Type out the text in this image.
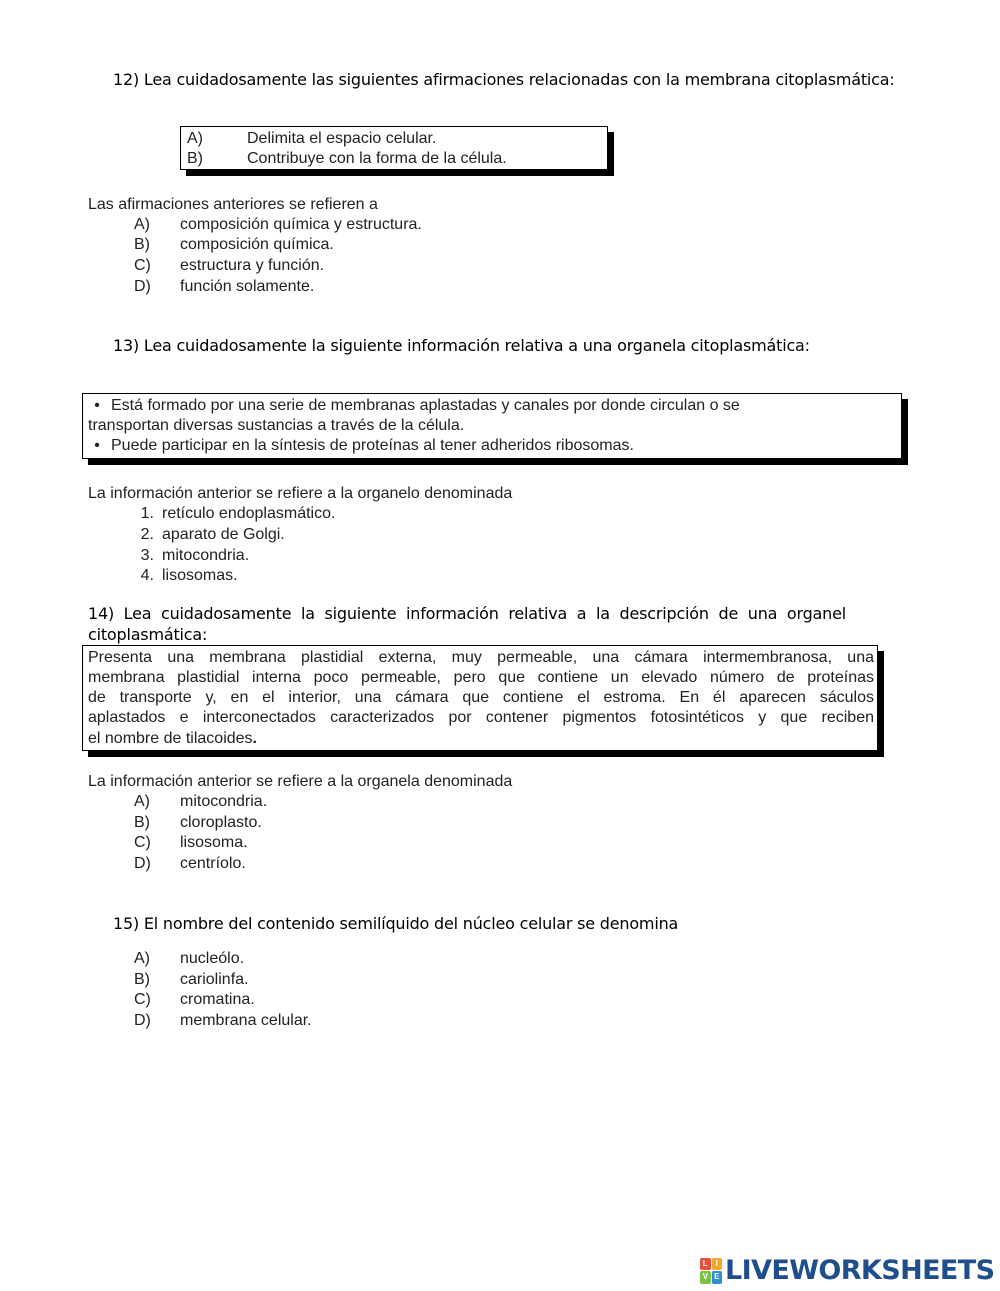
12) Lea cuidadosamente las siguientes afirmaciones relacionadas con la membrana citoplasmática:
A)	Delimita el espacio celular.
B)	Contribuye con la forma de la célula.
Las afirmaciones anteriores se refieren a
A) composición química y estructura.
B) composición química.
C) estructura y función.
D) función solamente.
13) Lea cuidadosamente la siguiente información relativa a una organela citoplasmática:
• Está formado por una serie de membranas aplastadas y canales por donde circulan o se
transportan diversas sustancias a través de la célula.
• Puede participar en la síntesis de proteínas al tener adheridos ribosomas.
La información anterior se refiere a la organelo denominada
1. retículo endoplasmático.
2. aparato de Golgi.
3. mitocondria.
4. lisosomas.
14) Lea cuidadosamente la siguiente información relativa a la descripción de una organel
citoplasmática:
Presenta una membrana plastidial externa, muy permeable, una cámara intermembranosa, una
membrana plastidial interna poco permeable, pero que contiene un elevado número de proteínas
de transporte y, en el interior, una cámara que contiene el estroma. En él aparecen sáculos
aplastados e interconectados caracterizados por contener pigmentos fotosintéticos y que reciben
el nombre de tilacoides.
La información anterior se refiere a la organela denominada
A) mitocondria.
B) cloroplasto.
C) lisosoma.
D) centríolo.
15) El nombre del contenido semilíquido del núcleo celular se denomina
A) nucleólo.
B) cariolinfa.
C) cromatina.
D) membrana celular.
L I
V E LIVEWORKSHEETS
